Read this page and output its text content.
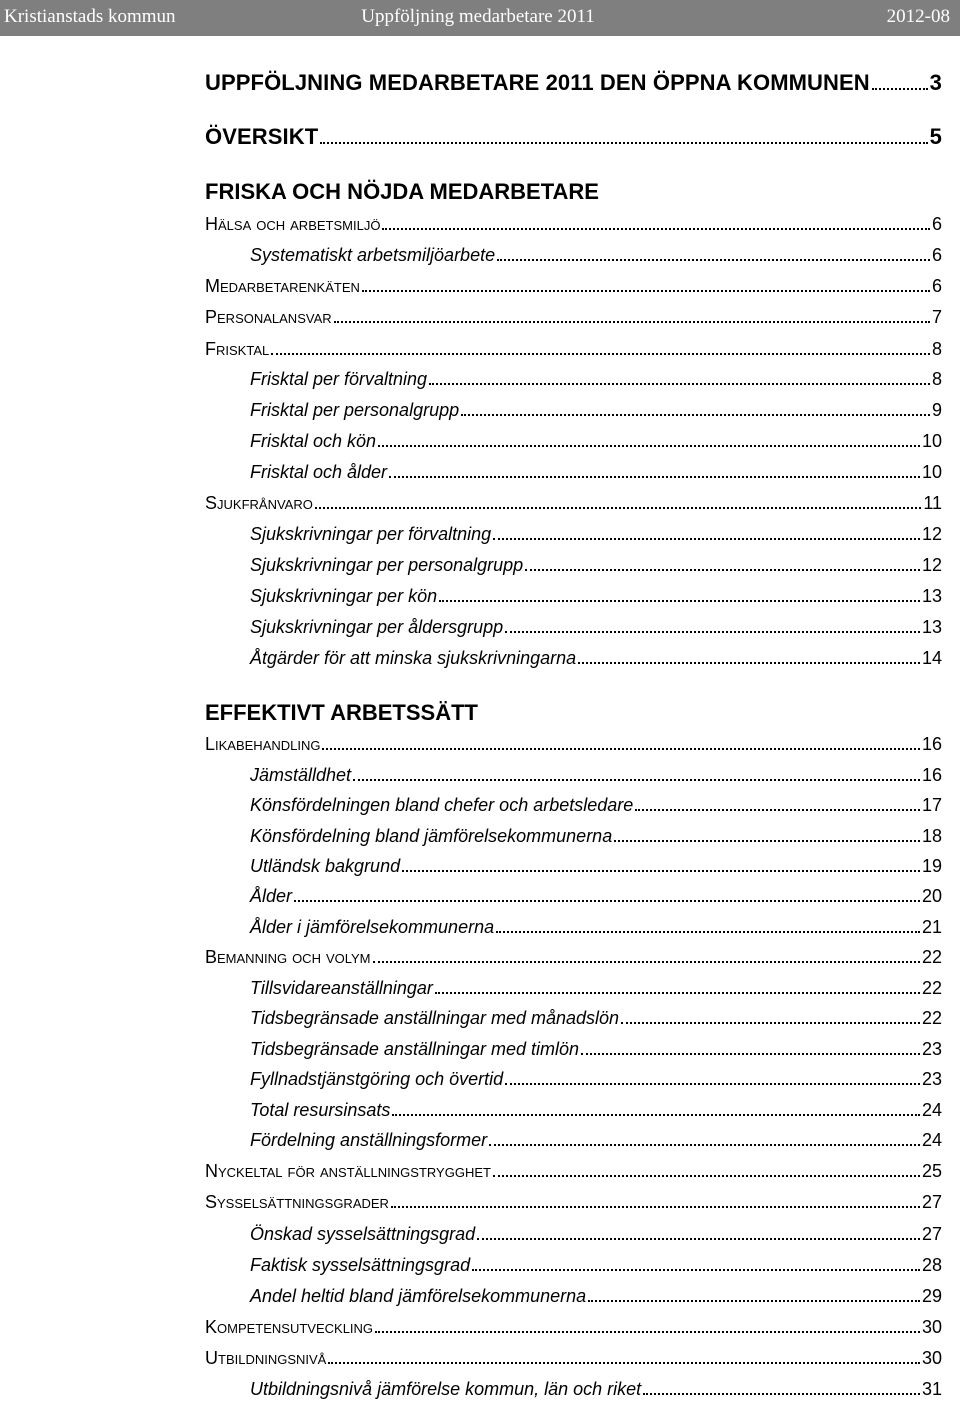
Kristianstads kommun	Uppföljning medarbetare 2011	2012-08
UPPFÖLJNING MEDARBETARE 2011 DEN ÖPPNA KOMMUNEN	3
ÖVERSIKT	5
FRISKA OCH NÖJDA MEDARBETARE
Hälsa och arbetsmiljö	6
Systematiskt arbetsmiljöarbete	6
Medarbetarenkäten	6
Personalansvar	7
Frisktal	8
Frisktal per förvaltning	8
Frisktal per personalgrupp	9
Frisktal och kön	10
Frisktal och ålder	10
Sjukfrånvaro	11
Sjukskrivningar per förvaltning	12
Sjukskrivningar per personalgrupp	12
Sjukskrivningar per kön	13
Sjukskrivningar per åldersgrupp	13
Åtgärder för att minska sjukskrivningarna	14
EFFEKTIVT ARBETSSÄTT
Likabehandling	16
Jämställdhet	16
Könsfördelningen bland chefer och arbetsledare	17
Könsfördelning bland jämförelsekommunerna	18
Utländsk bakgrund	19
Ålder	20
Ålder i jämförelsekommunerna	21
Bemanning och volym	22
Tillsvidareanställningar	22
Tidsbegränsade anställningar med månadslön	22
Tidsbegränsade anställningar med timlön	23
Fyllnadstjänstgöring och övertid	23
Total resursinsats	24
Fördelning anställningsformer	24
Nyckeltal för anställningstrygghet	25
Sysselsättningsgrader	27
Önskad sysselsättningsgrad	27
Faktisk sysselsättningsgrad	28
Andel heltid bland jämförelsekommunerna	29
Kompetensutveckling	30
Utbildningsnivå	30
Utbildningsnivå jämförelse kommun, län och riket	31
